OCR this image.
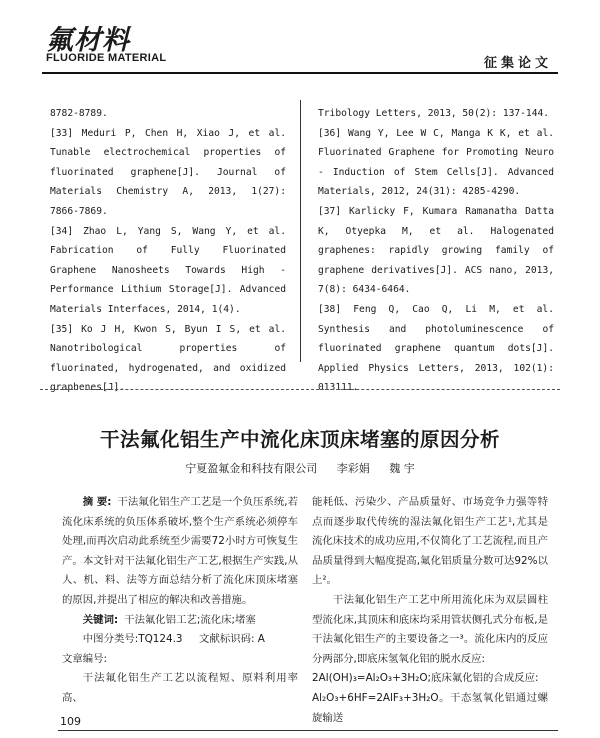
氟材料
FLUORIDE MATERIAL	征集论文

8782-8789.

[33] Meduri P, Chen H, Xiao J, et al. Tunable electrochemical properties of fluorinated graphene[J]. Journal of Materials Chemistry A, 2013, 1(27): 7866-7869.

[34] Zhao L, Yang S, Wang Y, et al. Fabrication of Fully Fluorinated Graphene Nanosheets Towards High - Performance Lithium Storage[J]. Advanced Materials Interfaces, 2014, 1(4).

[35] Ko J H, Kwon S, Byun I S, et al. Nanotribological properties of fluorinated, hydrogenated, and oxidized graphenes[J].

Tribology Letters, 2013, 50(2): 137-144.

[36] Wang Y, Lee W C, Manga K K, et al. Fluorinated Graphene for Promoting Neuro - Induction of Stem Cells[J]. Advanced Materials, 2012, 24(31): 4285-4290.

[37] Karlicky F, Kumara Ramanatha Datta K, Otyepka M, et al. Halogenated graphenes: rapidly growing family of graphene derivatives[J]. ACS nano, 2013, 7(8): 6434-6464.

[38] Feng Q, Cao Q, Li M, et al. Synthesis and photoluminescence of fluorinated graphene quantum dots[J]. Applied Physics Letters, 2013, 102(1): 013111.

干法氟化铝生产中流化床顶床堵塞的原因分析
宁夏盈氟金和科技有限公司 李彩娟 魏 宇

摘 要: 干法氟化铝生产工艺是一个负压系统,若流化床系统的负压体系破坏,整个生产系统必须停车处理,而再次启动此系统至少需要72小时方可恢复生产。本文针对干法氟化铝生产工艺,根据生产实践,从人、机、料、法等方面总结分析了流化床顶床堵塞的原因,并提出了相应的解决和改善措施。

关键词: 干法氟化铝工艺;流化床;堵塞

中图分类号:TQ124.3 文献标识码: A

文章编号:

干法氟化铝生产工艺以流程短、原料利用率高、

能耗低、污染少、产品质量好、市场竞争力强等特点而逐步取代传统的湿法氟化铝生产工艺¹,尤其是流化床技术的成功应用,不仅简化了工艺流程,而且产品质量得到大幅度提高,氟化铝质量分数可达92%以上²。

干法氟化铝生产工艺中所用流化床为双层圆柱型流化床,其顶床和底床均采用管状侧孔式分布板,是干法氟化铝生产的主要设备之一³。流化床内的反应分两部分,即底床氢氧化铝的脱水反应:

2Al(OH)₃=Al₂O₃+3H₂O;底床氟化铝的合成反应:

Al₂O₃+6HF=2AlF₃+3H₂O。干态氢氧化铝通过螺旋输送

109
